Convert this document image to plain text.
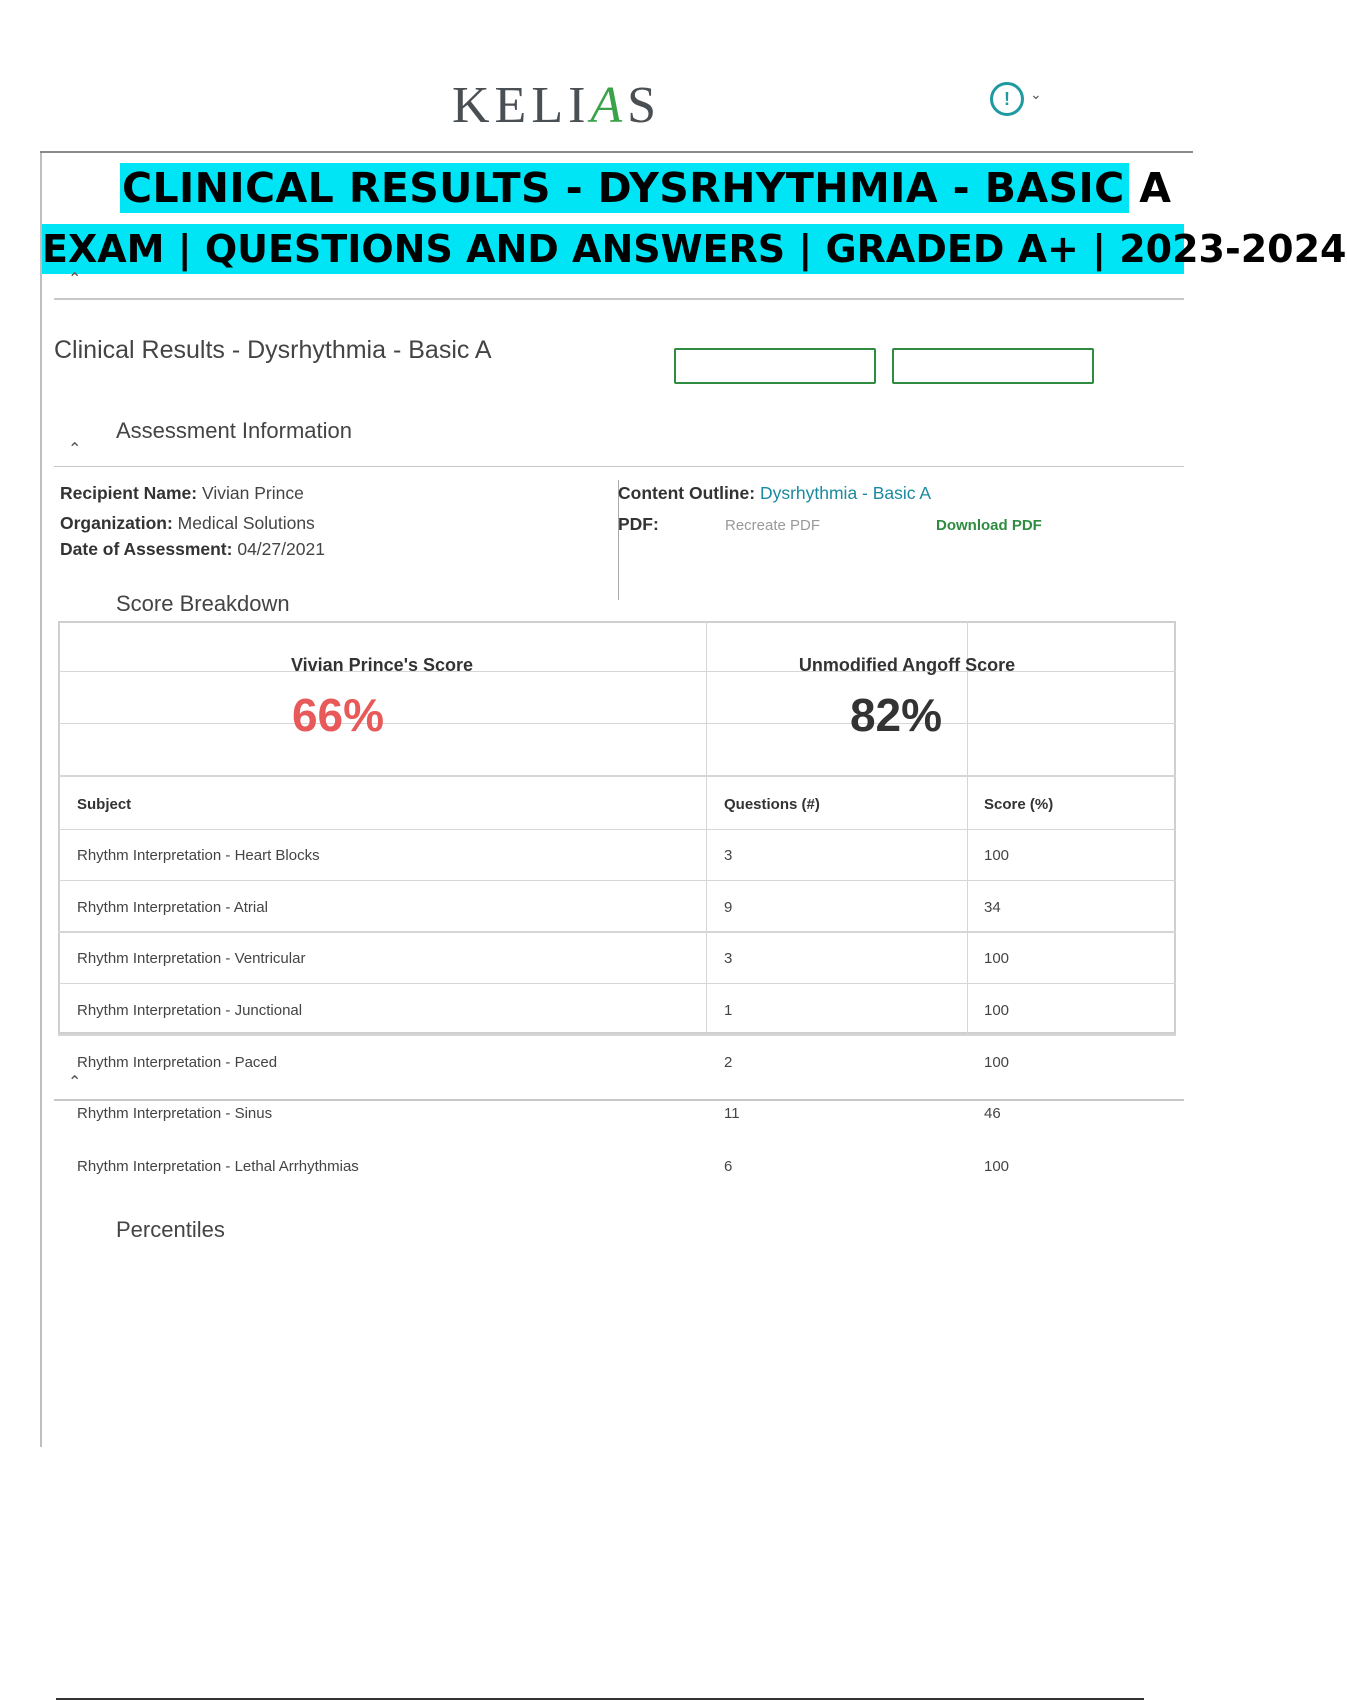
KELIAS	!	⌄
CLINICAL RESULTS - DYSRHYTHMIA - BASIC A
EXAM | QUESTIONS AND ANSWERS | GRADED A+ | 2023-2024
⌃
Clinical Results - Dysrhythmia - Basic A
Assessment Information
⌃
Recipient Name: Vivian Prince
Organization: Medical Solutions
Date of Assessment: 04/27/2021
Content Outline: Dysrhythmia - Basic A
PDF:	Recreate PDF	Download PDF
Score Breakdown
Vivian Prince's Score
66%
Unmodified Angoff Score
82%
Subject	Questions (#)	Score (%)
Rhythm Interpretation - Heart Blocks	3	100
Rhythm Interpretation - Atrial	9	34
Rhythm Interpretation - Ventricular	3	100
Rhythm Interpretation - Junctional	1	100
Rhythm Interpretation - Paced	2	100
⌃
Rhythm Interpretation - Sinus	11	46
Rhythm Interpretation - Lethal Arrhythmias	6	100
Percentiles
